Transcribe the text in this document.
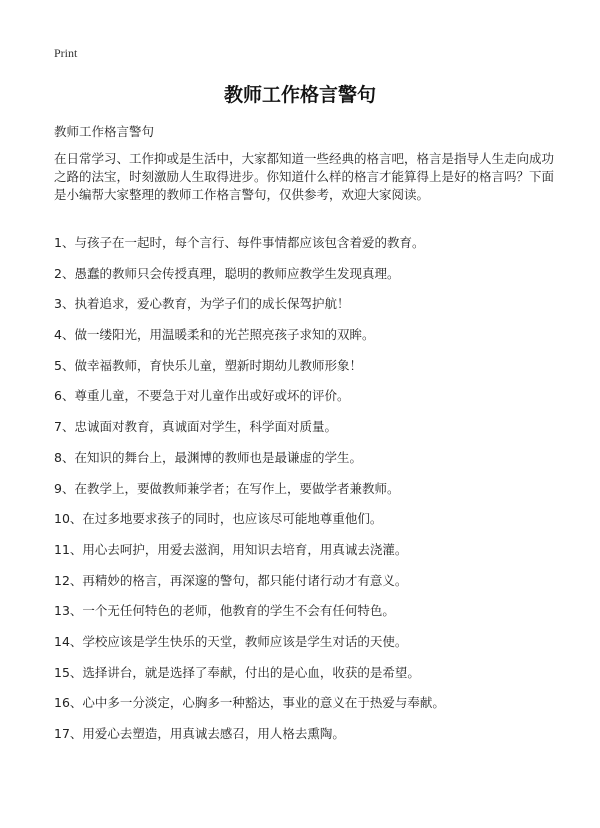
Print
教师工作格言警句
教师工作格言警句
在日常学习、工作抑或是生活中，大家都知道一些经典的格言吧，格言是指导人生走向成功之路的法宝，时刻激励人生取得进步。你知道什么样的格言才能算得上是好的格言吗？下面是小编帮大家整理的教师工作格言警句，仅供参考，欢迎大家阅读。
1、与孩子在一起时，每个言行、每件事情都应该包含着爱的教育。
2、愚蠢的教师只会传授真理，聪明的教师应教学生发现真理。
3、执着追求，爱心教育，为学子们的成长保驾护航！
4、做一缕阳光，用温暖柔和的光芒照亮孩子求知的双眸。
5、做幸福教师，育快乐儿童，塑新时期幼儿教师形象！
6、尊重儿童，不要急于对儿童作出或好或坏的评价。
7、忠诚面对教育，真诚面对学生，科学面对质量。
8、在知识的舞台上，最渊博的教师也是最谦虚的学生。
9、在教学上，要做教师兼学者；在写作上，要做学者兼教师。
10、在过多地要求孩子的同时，也应该尽可能地尊重他们。
11、用心去呵护，用爱去滋润，用知识去培育，用真诚去浇灌。
12、再精妙的格言，再深邃的警句，都只能付诸行动才有意义。
13、一个无任何特色的老师，他教育的学生不会有任何特色。
14、学校应该是学生快乐的天堂，教师应该是学生对话的天使。
15、选择讲台，就是选择了奉献，付出的是心血，收获的是希望。
16、心中多一分淡定，心胸多一种豁达，事业的意义在于热爱与奉献。
17、用爱心去塑造，用真诚去感召，用人格去熏陶。
